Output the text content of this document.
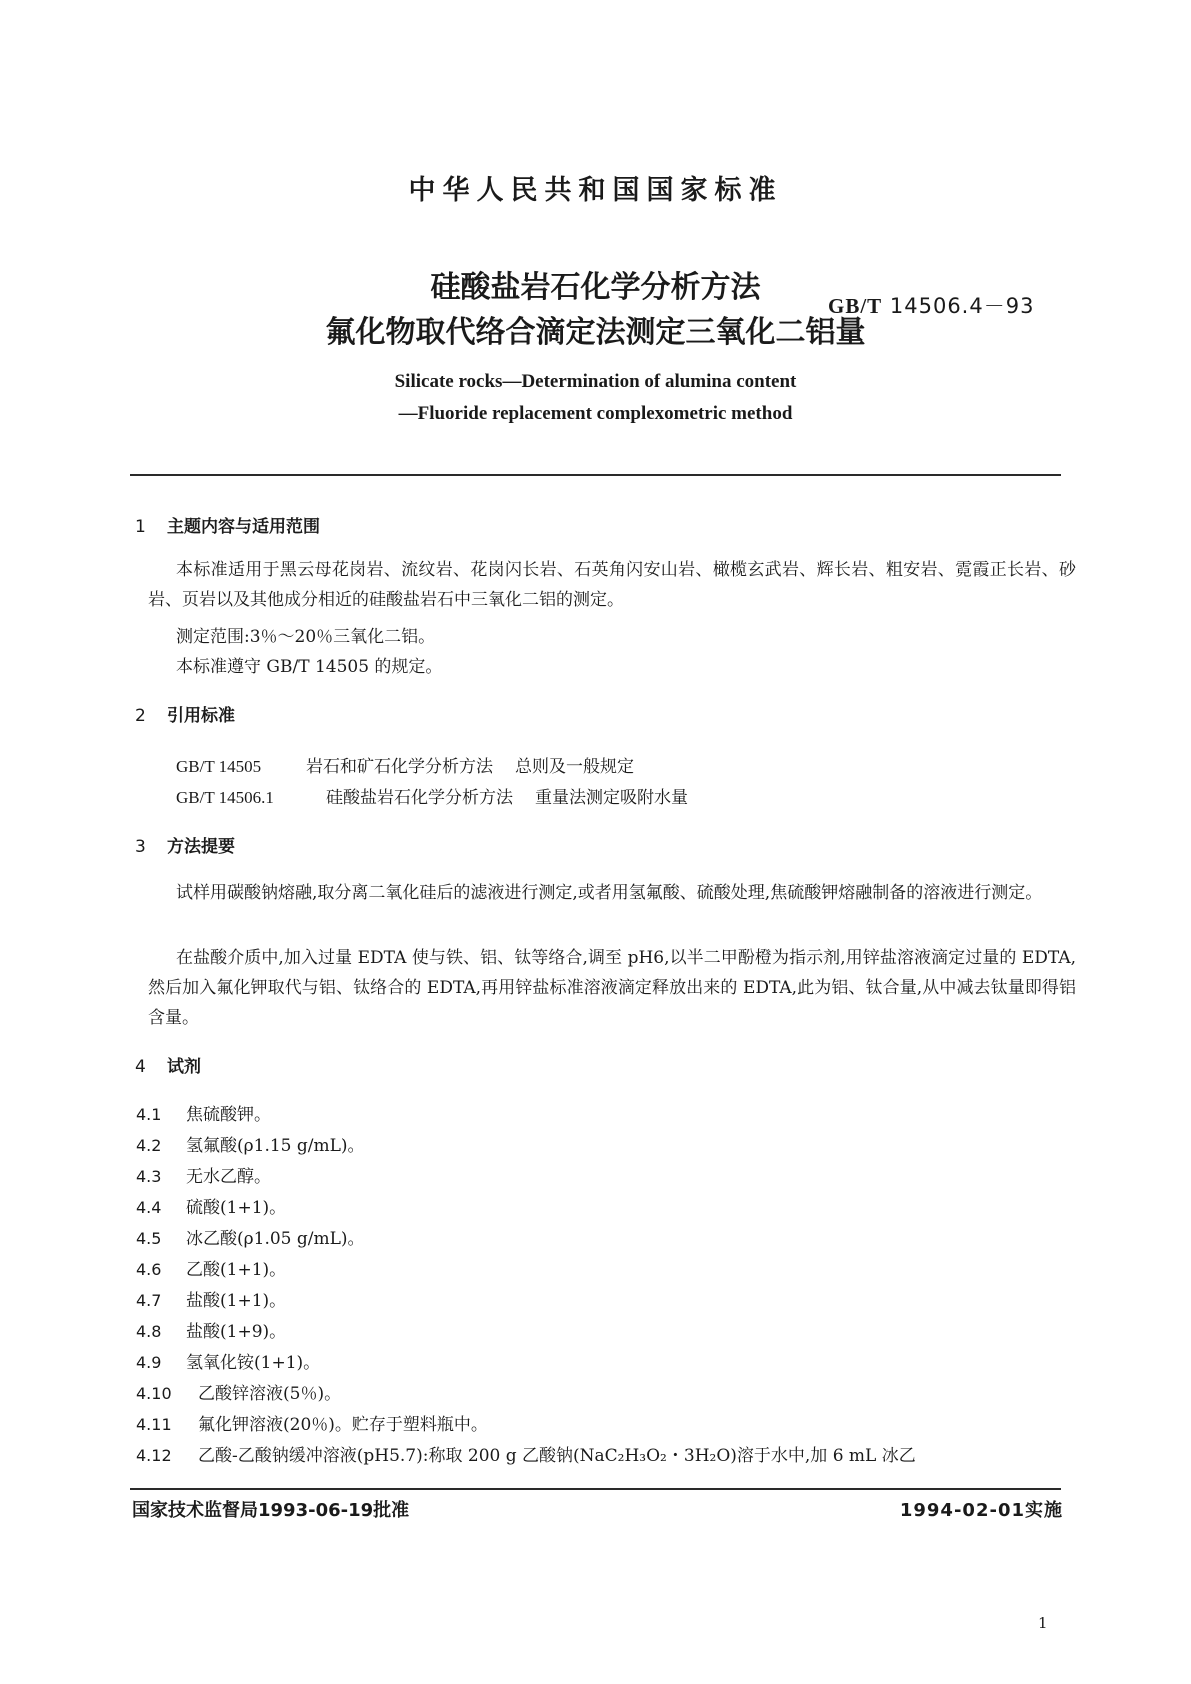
中华人民共和国国家标准
硅酸盐岩石化学分析方法
氟化物取代络合滴定法测定三氧化二铝量
GB/T 14506.4－93
Silicate rocks—Determination of alumina content
—Fluoride replacement complexometric method
1 主题内容与适用范围
本标准适用于黑云母花岗岩、流纹岩、花岗闪长岩、石英角闪安山岩、橄榄玄武岩、辉长岩、粗安岩、霓霞正长岩、砂岩、页岩以及其他成分相近的硅酸盐岩石中三氧化二铝的测定。
测定范围:3％～20％三氧化二铝。
本标准遵守 GB/T 14505 的规定。
2 引用标准
GB/T 14505	岩石和矿石化学分析方法 总则及一般规定
GB/T 14506.1	硅酸盐岩石化学分析方法 重量法测定吸附水量
3 方法提要
试样用碳酸钠熔融,取分离二氧化硅后的滤液进行测定,或者用氢氟酸、硫酸处理,焦硫酸钾熔融制备的溶液进行测定。
在盐酸介质中,加入过量 EDTA 使与铁、铝、钛等络合,调至 pH6,以半二甲酚橙为指示剂,用锌盐溶液滴定过量的 EDTA,然后加入氟化钾取代与铝、钛络合的 EDTA,再用锌盐标准溶液滴定释放出来的 EDTA,此为铝、钛合量,从中减去钛量即得铝含量。
4 试剂
4.1 焦硫酸钾。
4.2 氢氟酸(ρ1.15 g/mL)。
4.3 无水乙醇。
4.4 硫酸(1+1)。
4.5 冰乙酸(ρ1.05 g/mL)。
4.6 乙酸(1+1)。
4.7 盐酸(1+1)。
4.8 盐酸(1+9)。
4.9 氢氧化铵(1+1)。
4.10 乙酸锌溶液(5％)。
4.11 氟化钾溶液(20％)。贮存于塑料瓶中。
4.12 乙酸-乙酸钠缓冲溶液(pH5.7):称取 200 g 乙酸钠(NaC₂H₃O₂・3H₂O)溶于水中,加 6 mL 冰乙
国家技术监督局1993-06-19批准	1994-02-01实施
1
